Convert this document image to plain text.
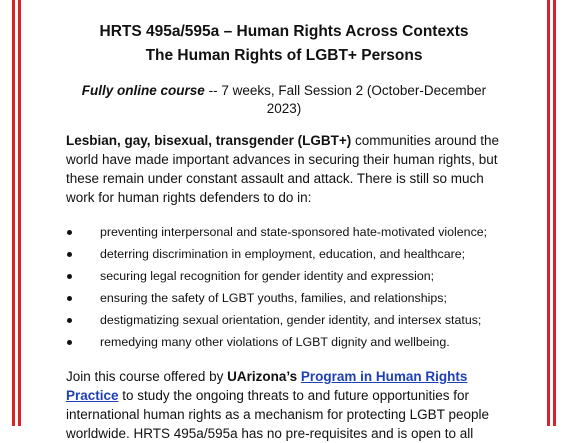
HRTS 495a/595a – Human Rights Across Contexts

The Human Rights of LGBT+ Persons

Fully online course -- 7 weeks, Fall Session 2 (October-December 2023)
Lesbian, gay, bisexual, transgender (LGBT+) communities around the world have made important advances in securing their human rights, but these remain under constant assault and attack. There is still so much work for human rights defenders to do in:
preventing interpersonal and state-sponsored hate-motivated violence;
deterring discrimination in employment, education, and healthcare;
securing legal recognition for gender identity and expression;
ensuring the safety of LGBT youths, families, and relationships;
destigmatizing sexual orientation, gender identity, and intersex status;
remedying many other violations of LGBT dignity and wellbeing.
Join this course offered by UArizona’s Program in Human Rights Practice to study the ongoing threats to and future opportunities for international human rights as a mechanism for protecting LGBT people worldwide. HRTS 495a/595a has no pre-requisites and is open to all
